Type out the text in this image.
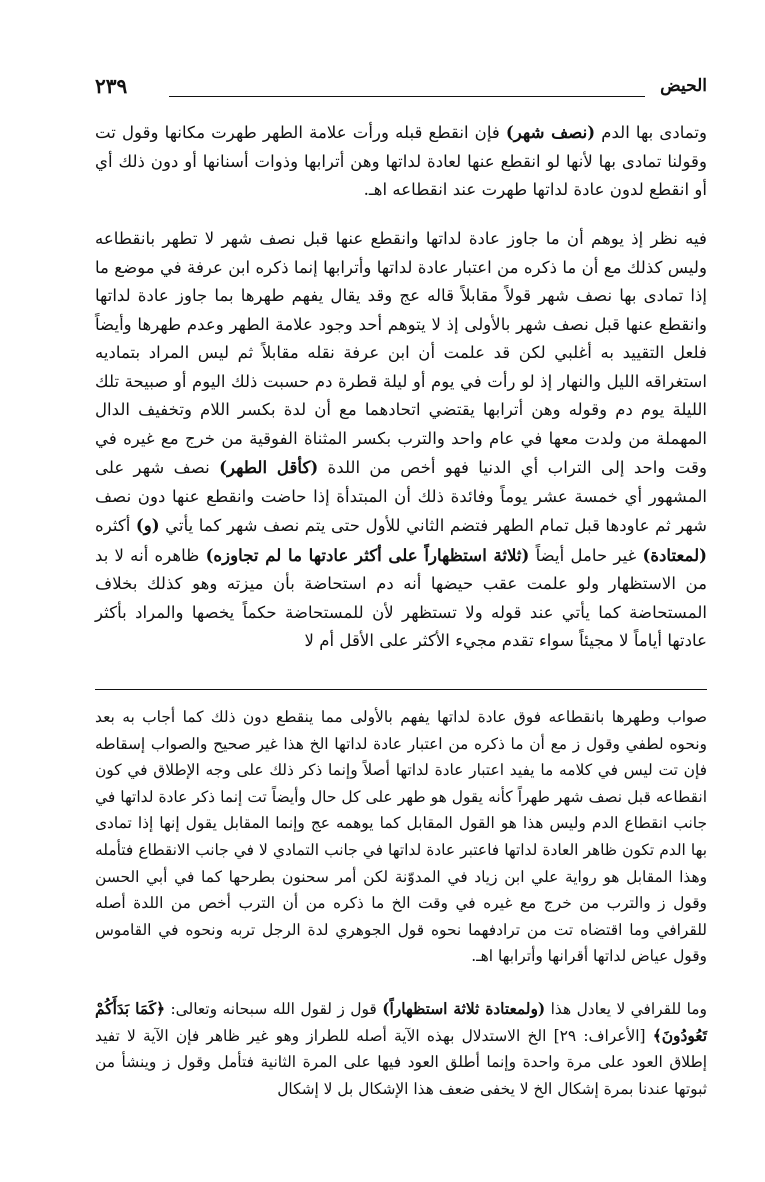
الحيض
٢٣٩

وتمادى بها الدم (نصف شهر) فإن انقطع قبله ورأت علامة الطهر طهرت مكانها وقول تت وقولنا تمادى بها لأنها لو انقطع عنها لعادة لداتها وهن أترابها وذوات أسنانها أو دون ذلك أي أو انقطع لدون عادة لداتها طهرت عند انقطاعه اهـ.

فيه نظر إذ يوهم أن ما جاوز عادة لداتها وانقطع عنها قبل نصف شهر لا تطهر بانقطاعه وليس كذلك مع أن ما ذكره من اعتبار عادة لداتها وأترابها إنما ذكره ابن عرفة في موضع ما إذا تمادى بها نصف شهر قولاً مقابلاً قاله عج وقد يقال يفهم طهرها بما جاوز عادة لداتها وانقطع عنها قبل نصف شهر بالأولى إذ لا يتوهم أحد وجود علامة الطهر وعدم طهرها وأيضاً فلعل التقييد به أغلبي لكن قد علمت أن ابن عرفة نقله مقابلاً ثم ليس المراد بتماديه استغراقه الليل والنهار إذ لو رأت في يوم أو ليلة قطرة دم حسبت ذلك اليوم أو صبيحة تلك الليلة يوم دم وقوله وهن أترابها يقتضي اتحادهما مع أن لدة بكسر اللام وتخفيف الدال المهملة من ولدت معها في عام واحد والترب بكسر المثناة الفوقية من خرج مع غيره في وقت واحد إلى التراب أي الدنيا فهو أخص من اللدة (كأقل الطهر) نصف شهر على المشهور أي خمسة عشر يوماً وفائدة ذلك أن المبتدأة إذا حاضت وانقطع عنها دون نصف شهر ثم عاودها قبل تمام الطهر فتضم الثاني للأول حتى يتم نصف شهر كما يأتي (و) أكثره (لمعتادة) غير حامل أيضاً (ثلاثة استظهاراً على أكثر عادتها ما لم تجاوزه) ظاهره أنه لا بد من الاستظهار ولو علمت عقب حيضها أنه دم استحاضة بأن ميزته وهو كذلك بخلاف المستحاضة كما يأتي عند قوله ولا تستظهر لأن للمستحاضة حكماً يخصها والمراد بأكثر عادتها أياماً لا مجيئاً سواء تقدم مجيء الأكثر على الأقل أم لا

صواب وطهرها بانقطاعه فوق عادة لداتها يفهم بالأولى مما ينقطع دون ذلك كما أجاب به بعد ونحوه لطفي وقول ز مع أن ما ذكره من اعتبار عادة لداتها الخ هذا غير صحيح والصواب إسقاطه فإن تت ليس في كلامه ما يفيد اعتبار عادة لداتها أصلاً وإنما ذكر ذلك على وجه الإطلاق في كون انقطاعه قبل نصف شهر طهراً كأنه يقول هو طهر على كل حال وأيضاً تت إنما ذكر عادة لداتها في جانب انقطاع الدم وليس هذا هو القول المقابل كما يوهمه عج وإنما المقابل يقول إنها إذا تمادى بها الدم تكون ظاهر العادة لداتها فاعتبر عادة لداتها في جانب التمادي لا في جانب الانقطاع فتأمله وهذا المقابل هو رواية علي ابن زياد في المدوّنة لكن أمر سحنون بطرحها كما في أبي الحسن وقول ز والترب من خرج مع غيره في وقت الخ ما ذكره من أن الترب أخص من اللدة أصله للقرافي وما اقتضاه تت من ترادفهما نحوه قول الجوهري لدة الرجل تربه ونحوه في القاموس وقول عياض لداتها أقرانها وأترابها اهـ.

وما للقرافي لا يعادل هذا (ولمعتادة ثلاثة استظهاراً) قول ز لقول الله سبحانه وتعالى: ﴿كَمَا بَدَأَكُمْ تَعُودُونَ﴾ [الأعراف: ٢٩] الخ الاستدلال بهذه الآية أصله للطراز وهو غير ظاهر فإن الآية لا تفيد إطلاق العود على مرة واحدة وإنما أطلق العود فيها على المرة الثانية فتأمل وقول ز وينشأ من ثبوتها عندنا بمرة إشكال الخ لا يخفى ضعف هذا الإشكال بل لا إشكال
